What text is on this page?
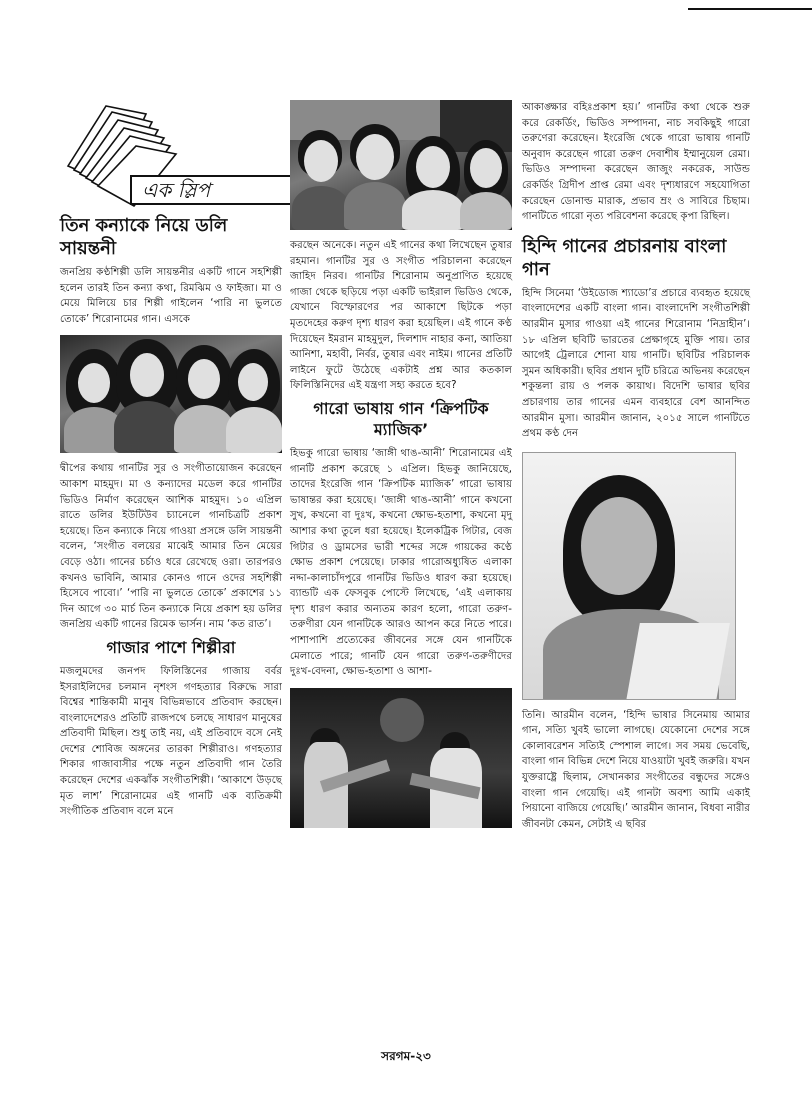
এক স্লিপ
তিন কন্যাকে নিয়ে ডলি সায়ন্তনী

জনপ্রিয় কণ্ঠশিল্পী ডলি সায়ন্তনীর একটি গানে সহশিল্পী হলেন তারই তিন কন্যা কথা, রিমঝিম ও ফাইজা। মা ও মেয়ে মিলিয়ে চার শিল্পী গাইলেন ‘পারি না ভুলতে তোকে’ শিরোনামের গান। এসকে

দ্বীপের কথায় গানটির সুর ও সংগীতায়োজন করেছেন আকাশ মাহমুদ। মা ও কন্যাদের মডেল করে গানটির ভিডিও নির্মাণ করেছেন আশিক মাহমুদ। ১০ এপ্রিল রাতে ডলির ইউটিউব চ্যানেলে গানচিত্রটি প্রকাশ হয়েছে। তিন কন্যাকে নিয়ে গাওয়া প্রসঙ্গে ডলি সায়ন্তনী বলেন, ‘সংগীত বলয়ের মাঝেই আমার তিন মেয়ের বেড়ে ওঠা। গানের চর্চাও ধরে রেখেছে ওরা। তারপরও কখনও ভাবিনি, আমার কোনও গানে ওদের সহশিল্পী হিসেবে পাবো।’ ‘পারি না ভুলতে তোকে’ প্রকাশের ১১ দিন আগে ৩০ মার্চ তিন কন্যাকে নিয়ে প্রকাশ হয় ডলির জনপ্রিয় একটি গানের রিমেক ভার্সন। নাম ‘কত রাত’।

গাজার পাশে শিল্পীরা

মজলুমদের জনপদ ফিলিস্তিনের গাজায় বর্বর ইসরাইলিদের চলমান নৃশংস গণহত্যার বিরুদ্ধে সারা বিশ্বের শান্তিকামী মানুষ বিভিন্নভাবে প্রতিবাদ করছেন। বাংলাদেশেরও প্রতিটি রাজপথে চলছে সাধারণ মানুষের প্রতিবাদী মিছিল। শুধু তাই নয়, এই প্রতিবাদে বসে নেই দেশের শোবিজ অঙ্গনের তারকা শিল্পীরাও। গণহত্যার শিকার গাজাবাসীর পক্ষে নতুন প্রতিবাদী গান তৈরি করেছেন দেশের একঝাঁক সংগীতশিল্পী। ‘আকাশে উড়ছে মৃত লাশ’ শিরোনামের এই গানটি এক ব্যতিক্রমী সংগীতিক প্রতিবাদ বলে মনে

করছেন অনেকে। নতুন এই গানের কথা লিখেছেন তুষার রহমান। গানটির সুর ও সংগীত পরিচালনা করেছেন জাহিদ নিরব। গানটির শিরোনাম অনুপ্রাণিত হয়েছে গাজা থেকে ছড়িয়ে পড়া একটি ভাইরাল ভিডিও থেকে, যেখানে বিস্ফোরণের পর আকাশে ছিটকে পড়া মৃতদেহের করুণ দৃশ্য ধারণ করা হয়েছিল। এই গানে কণ্ঠ দিয়েছেন ইমরান মাহমুদুল, দিলশাদ নাহার কনা, আতিয়া আনিশা, মহাবী, নির্বর, তুষার এবং নাইম। গানের প্রতিটি লাইনে ফুটে উঠেছে একটাই প্রশ্ন আর কতকাল ফিলিস্তিনিদের এই যন্ত্রণা সহ্য করতে হবে?

গারো ভাষায় গান ‘ক্রিপটিক ম্যাজিক’

হিভকু গারো ভাষায় ‘জাঙ্গী থাঙ-আনী’ শিরোনামের এই গানটি প্রকাশ করেছে ১ এপ্রিল। হিভকু জানিয়েছে, তাদের ইংরেজি গান ‘ক্রিপটিক ম্যাজিক’ গারো ভাষায় ভাষান্তর করা হয়েছে। ‘জাঙ্গী থাঙ-আনী’ গানে কখনো সুখ, কখনো বা দুঃখ, কখনো ক্ষোভ-হতাশা, কখনো মৃদু আশার কথা তুলে ধরা হয়েছে। ইলেকট্রিক গিটার, বেজ গিটার ও ড্রামসের ভারী শব্দের সঙ্গে গায়কের কণ্ঠে ক্ষোভ প্রকাশ পেয়েছে। ঢাকার গারোঅধ্যুষিত এলাকা নদ্দা-কালাচাঁদপুরে গানটির ভিডিও ধারণ করা হয়েছে। ব্যান্ডটি এক ফেসবুক পোস্টে লিখেছে, ‘এই এলাকায় দৃশ্য ধারণ করার অন্যতম কারণ হলো, গারো তরুণ-তরুণীরা যেন গানটিকে আরও আপন করে নিতে পারে। পাশাপাশি প্রত্যেকের জীবনের সঙ্গে যেন গানটিকে মেলাতে পারে; গানটি যেন গারো তরুণ-তরুণীদের দুঃখ-বেদনা, ক্ষোভ-হতাশা ও আশা-

আকাঙ্ক্ষার বহিঃপ্রকাশ হয়।’ গানটির কথা থেকে শুরু করে রেকর্ডিং, ভিডিও সম্পাদনা, নাচ সবকিছুই গারো তরুণেরা করেছেন। ইংরেজি থেকে গারো ভাষায় গানটি অনুবাদ করেছেন গারো তরুণ দেবাশীষ ইম্মানুয়েল রেমা। ভিডিও সম্পাদনা করেছেন জাজুং নকরেক, সাউন্ড রেকর্ডিং গ্রিদীপ প্রাপ্ত রেমা এবং দৃশ্যধারণে সহযোগিতা করেছেন ডোনাল্ড মারাক, প্রভাব ম্রং ও সাবিরে চিছাম। গানটিতে গারো নৃত্য পরিবেশনা করেছে কৃপা রিছিল।

হিন্দি গানের প্রচারনায় বাংলা গান

হিন্দি সিনেমা ‘উইডোজ শ্যাডো’র প্রচারে ব্যবহৃত হয়েছে বাংলাদেশের একটি বাংলা গান। বাংলাদেশি সংগীতশিল্পী আরমীন মুসার গাওয়া এই গানের শিরোনাম ‘নিদ্রাহীন’। ১৮ এপ্রিল ছবিটি ভারতের প্রেক্ষাগৃহে মুক্তি পায়। তার আগেই ট্রেলারে শোনা যায় গানটি। ছবিটির পরিচালক সুমন অধিকারী। ছবির প্রধান দুটি চরিত্রে অভিনয় করেছেন শকুন্তলা রায় ও পলক কায়াথ। বিদেশি ভাষার ছবির প্রচারণায় তার গানের এমন ব্যবহারে বেশ আনন্দিত আরমীন মুসা। আরমীন জানান, ২০১৫ সালে গানটিতে প্রথম কণ্ঠ দেন

তিনি। আরমীন বলেন, ‘হিন্দি ভাষার সিনেমায় আমার গান, সত্যি খুবই ভালো লাগছে। যেকোনো দেশের সঙ্গে কোলাবরেশন সত্যিই স্পেশাল লাগে। সব সময় ভেবেছি, বাংলা গান বিভিন্ন দেশে নিয়ে যাওয়াটা খুবই জরুরি। যখন যুক্তরাষ্ট্রে ছিলাম, সেখানকার সংগীতের বন্ধুদের সঙ্গেও বাংলা গান গেয়েছি। এই গানটা অবশ্য আমি একাই পিয়ানো বাজিয়ে গেয়েছি।’ আরমীন জানান, বিধবা নারীর জীবনটা কেমন, সেটাই এ ছবির

সরগম-২৩
